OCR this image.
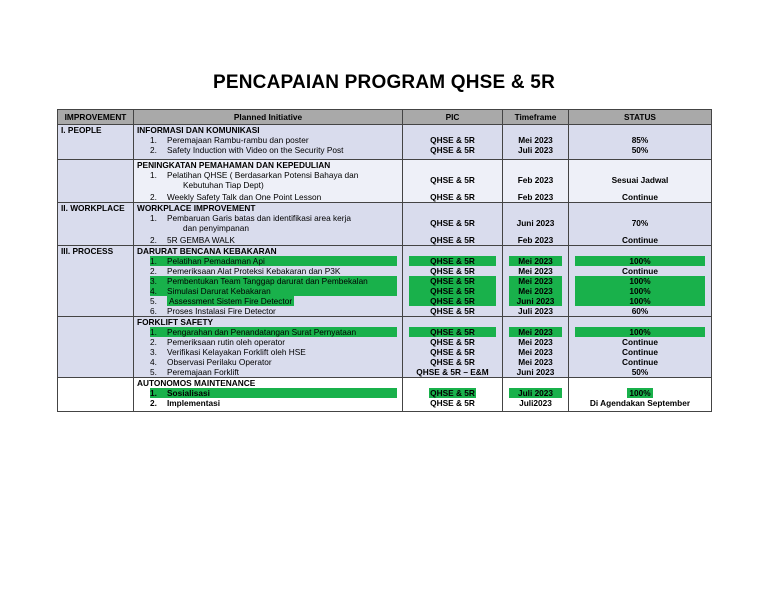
PENCAPAIAN PROGRAM QHSE & 5R
IMPROVEMENT	Planned Initiative	PIC	Timeframe	STATUS
I. PEOPLE	INFORMASI DAN KOMUNIKASI			
	1. Peremajaan Rambu-rambu dan poster	QHSE & 5R	Mei 2023	85%
	2. Safety Induction with Video on the Security Post	QHSE & 5R	Juli 2023	50%
	PENINGKATAN PEMAHAMAN DAN KEPEDULIAN			
	1. Pelatihan QHSE ( Berdasarkan Potensi Bahaya dan
Kebutuhan Tiap Dept)	QHSE & 5R	Feb 2023	Sesuai Jadwal
	2. Weekly Safety Talk dan One Point Lesson	QHSE & 5R	Feb 2023	Continue
II. WORKPLACE	WORKPLACE IMPROVEMENT			
	1. Pembaruan Garis batas dan identifikasi area kerja
dan penyimpanan	QHSE & 5R	Juni 2023	70%
	2. 5R GEMBA WALK	QHSE & 5R	Feb 2023	Continue
III. PROCESS	DARURAT BENCANA KEBAKARAN			

	1. Pelatihan Pemadaman Api	QHSE & 5R	Mei 2023	100%

	2. Pemeriksaan Alat Proteksi Kebakaran dan P3K	QHSE & 5R	Mei 2023	Continue

	3. Pembentukan Team Tanggap darurat dan Pembekalan	QHSE & 5R	Mei 2023	100%

	4. Simulasi Darurat Kebakaran	QHSE & 5R	Mei 2023	100%

	5. Assessment Sistem Fire Detector	QHSE & 5R	Juni 2023	100%

	6. Proses Instalasi Fire Detector	QHSE & 5R	Juli 2023	60%
	FORKLIFT SAFETY			

	1. Pengarahan dan Penandatangan Surat Pernyataan	QHSE & 5R	Mei 2023	100%

	2. Pemeriksaan rutin oleh operator	QHSE & 5R	Mei 2023	Continue
	3. Verifikasi Kelayakan Forklift oleh HSE	QHSE & 5R	Mei 2023	Continue
	4. Observasi Perilaku Operator	QHSE & 5R	Mei 2023	Continue
	5. Peremajaan Forklift	QHSE & 5R – E&M	Juni 2023	50%
	AUTONOMOS MAINTENANCE			

	1. Sosialisasi	QHSE & 5R	Juli 2023	100%
	2. Implementasi	QHSE & 5R	Juli2023	Di Agendakan September
